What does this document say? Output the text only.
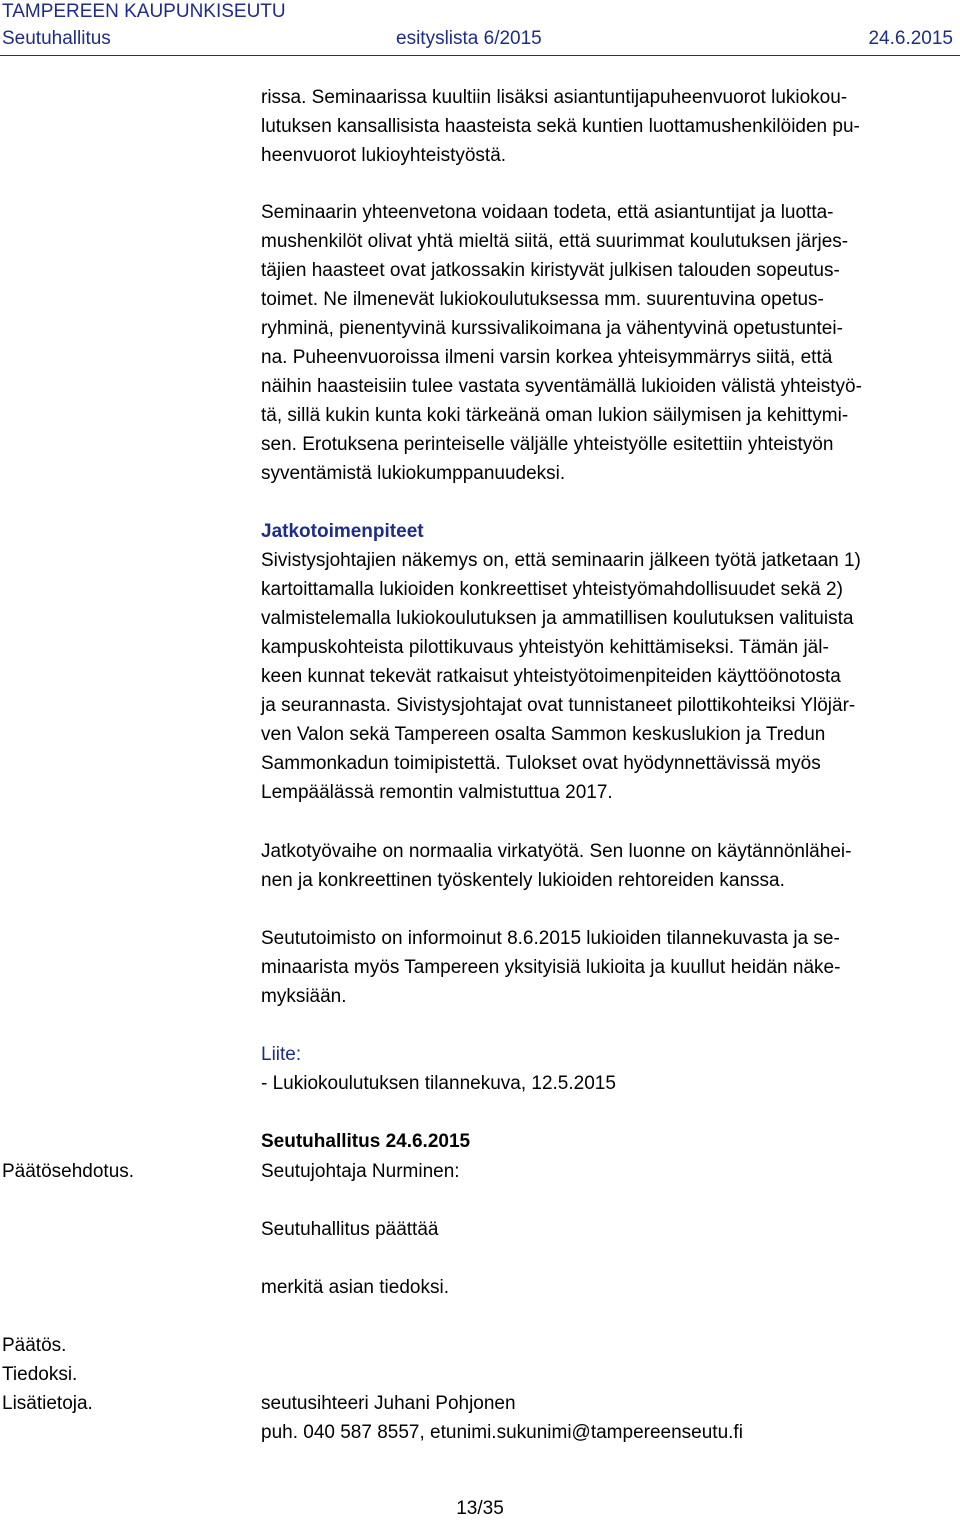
TAMPEREEN KAUPUNKISEUTU
Seutuhallitus	esityslista 6/2015	24.6.2015

rissa. Seminaarissa kuultiin lisäksi asiantuntijapuheenvuorot lukiokou-
lutuksen kansallisista haasteista sekä kuntien luottamushenkilöiden pu-
heenvuorot lukioyhteistyöstä.

Seminaarin yhteenvetona voidaan todeta, että asiantuntijat ja luotta-
mushenkilöt olivat yhtä mieltä siitä, että suurimmat koulutuksen järjes-
täjien haasteet ovat jatkossakin kiristyvät julkisen talouden sopeutus-
toimet. Ne ilmenevät lukiokoulutuksessa mm. suurentuvina opetus-
ryhminä, pienentyvinä kurssivalikoimana ja vähentyvinä opetustuntei-
na. Puheenvuoroissa ilmeni varsin korkea yhteisymmärrys siitä, että
näihin haasteisiin tulee vastata syventämällä lukioiden välistä yhteistyö-
tä, sillä kukin kunta koki tärkeänä oman lukion säilymisen ja kehittymi-
sen. Erotuksena perinteiselle väljälle yhteistyölle esitettiin yhteistyön
syventämistä lukiokumppanuudeksi.

Jatkotoimenpiteet

Sivistysjohtajien näkemys on, että seminaarin jälkeen työtä jatketaan 1)
kartoittamalla lukioiden konkreettiset yhteistyömahdollisuudet sekä 2)
valmistelemalla lukiokoulutuksen ja ammatillisen koulutuksen valituista
kampuskohteista pilottikuvaus yhteistyön kehittämiseksi. Tämän jäl-
keen kunnat tekevät ratkaisut yhteistyötoimenpiteiden käyttöönotosta
ja seurannasta. Sivistysjohtajat ovat tunnistaneet pilottikohteiksi Ylöjär-
ven Valon sekä Tampereen osalta Sammon keskuslukion ja Tredun
Sammonkadun toimipistettä. Tulokset ovat hyödynnettävissä myös
Lempäälässä remontin valmistuttua 2017.

Jatkotyövaihe on normaalia virkatyötä. Sen luonne on käytännönlähei-
nen ja konkreettinen työskentely lukioiden rehtoreiden kanssa.

Seututoimisto on informoinut 8.6.2015 lukioiden tilannekuvasta ja se-
minaarista myös Tampereen yksityisiä lukioita ja kuullut heidän näke-
myksiään.

Liite:
- Lukiokoulutuksen tilannekuva, 12.5.2015
Seutuhallitus 24.6.2015
Päätösehdotus.	Seutujohtaja Nurminen:
Seutuhallitus päättää
merkitä asian tiedoksi.
Päätös.
Tiedoksi.
Lisätietoja.	seutusihteeri Juhani Pohjonen
puh. 040 587 8557, etunimi.sukunimi@tampereenseutu.fi
13/35
